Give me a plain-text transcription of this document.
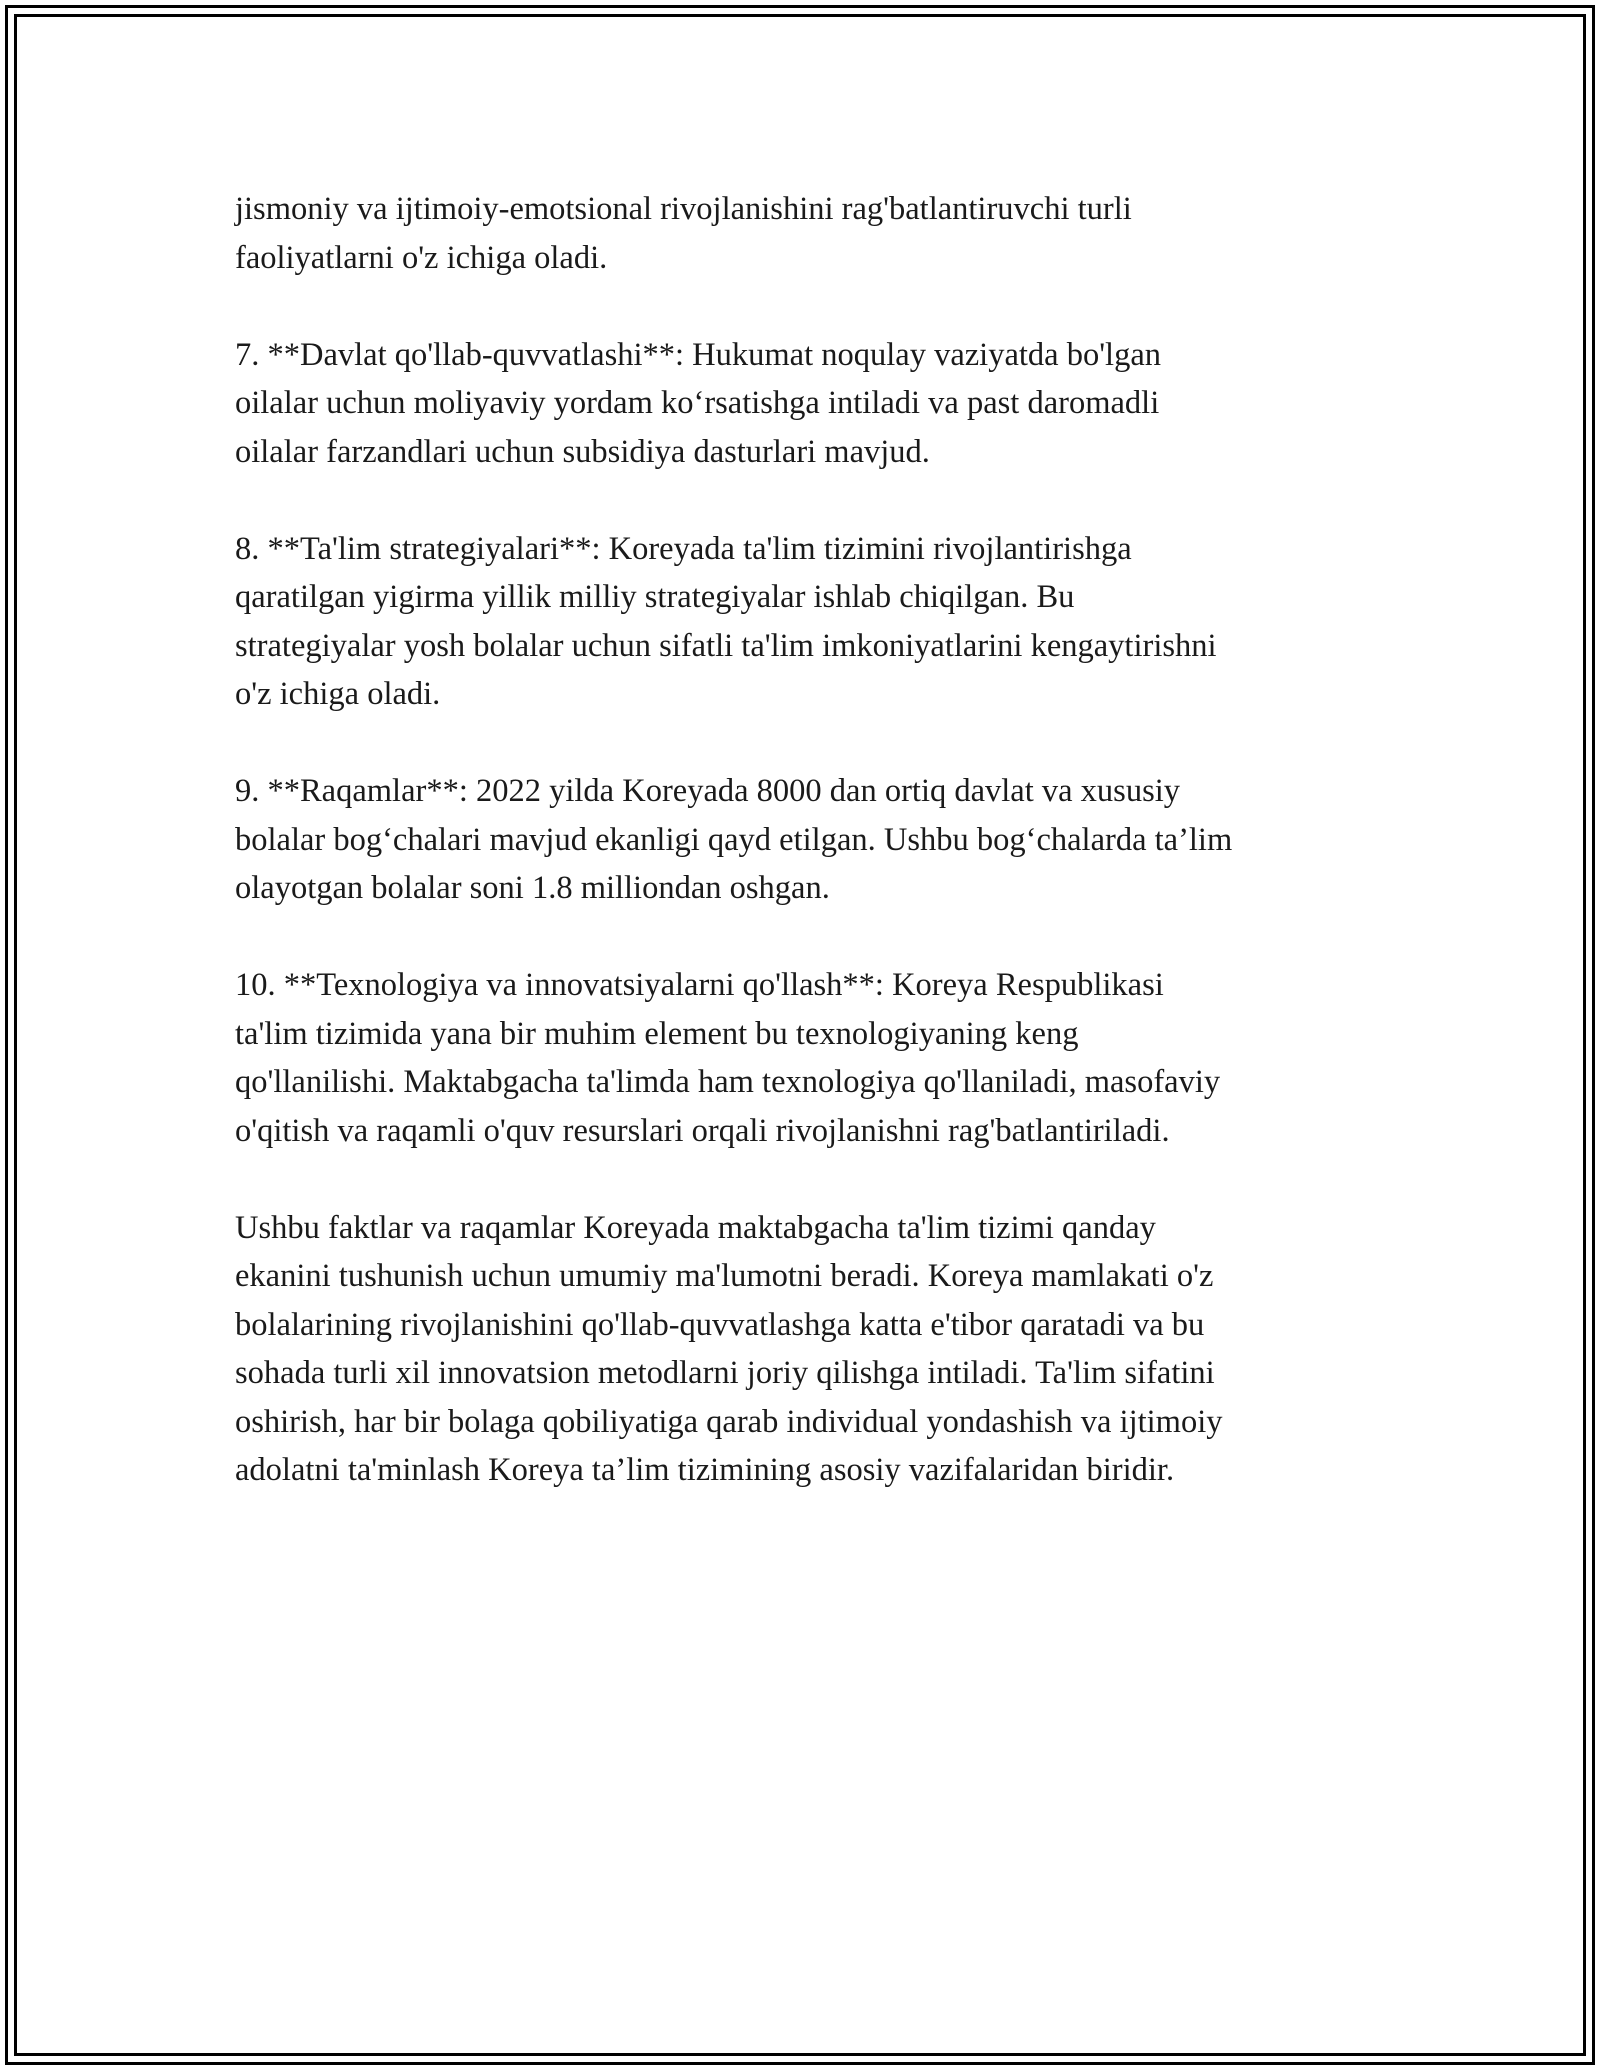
jismoniy va ijtimoiy-emotsional rivojlanishini rag'batlantiruvchi turli
faoliyatlarni o'z ichiga oladi.

7. **Davlat qo'llab-quvvatlashi**: Hukumat noqulay vaziyatda bo'lgan
oilalar uchun moliyaviy yordam ko‘rsatishga intiladi va past daromadli
oilalar farzandlari uchun subsidiya dasturlari mavjud.

8. **Ta'lim strategiyalari**: Koreyada ta'lim tizimini rivojlantirishga
qaratilgan yigirma yillik milliy strategiyalar ishlab chiqilgan. Bu
strategiyalar yosh bolalar uchun sifatli ta'lim imkoniyatlarini kengaytirishni
o'z ichiga oladi.

9. **Raqamlar**: 2022 yilda Koreyada 8000 dan ortiq davlat va xususiy
bolalar bog‘chalari mavjud ekanligi qayd etilgan. Ushbu bog‘chalarda ta’lim
olayotgan bolalar soni 1.8 milliondan oshgan.

10. **Texnologiya va innovatsiyalarni qo'llash**: Koreya Respublikasi
ta'lim tizimida yana bir muhim element bu texnologiyaning keng
qo'llanilishi. Maktabgacha ta'limda ham texnologiya qo'llaniladi, masofaviy
o'qitish va raqamli o'quv resurslari orqali rivojlanishni rag'batlantiriladi.

Ushbu faktlar va raqamlar Koreyada maktabgacha ta'lim tizimi qanday
ekanini tushunish uchun umumiy ma'lumotni beradi. Koreya mamlakati o'z
bolalarining rivojlanishini qo'llab-quvvatlashga katta e'tibor qaratadi va bu
sohada turli xil innovatsion metodlarni joriy qilishga intiladi. Ta'lim sifatini
oshirish, har bir bolaga qobiliyatiga qarab individual yondashish va ijtimoiy
adolatni ta'minlash Koreya ta’lim tizimining asosiy vazifalaridan biridir.
